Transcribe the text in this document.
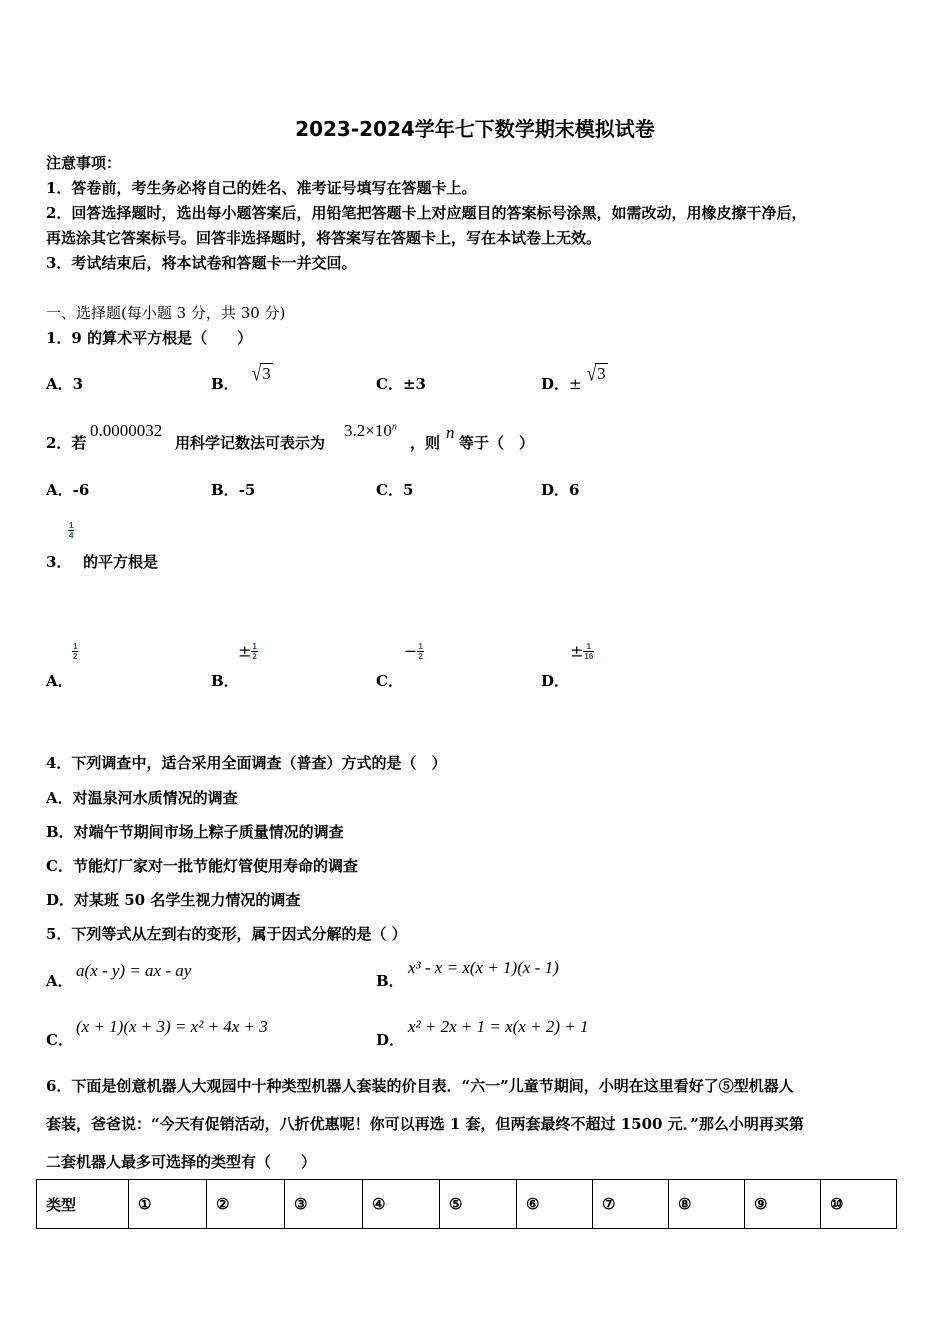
2023-2024学年七下数学期末模拟试卷
注意事项：
1．答卷前，考生务必将自己的姓名、准考证号填写在答题卡上。
2．回答选择题时，选出每小题答案后，用铅笔把答题卡上对应题目的答案标号涂黑，如需改动，用橡皮擦干净后，
再选涂其它答案标号。回答非选择题时，将答案写在答题卡上，写在本试卷上无效。
3．考试结束后，将本试卷和答题卡一并交回。
一、选择题(每小题 3 分，共 30 分)
1．9 的算术平方根是（　　）
A．3	B． √3
C．±3	D．± √3
2．若
0.0000032
用科学记数法可表示为
$3.2\times 10^n$
，则
n
等于（　）
A．-6	B．-5	C．5	D．6
3．
$\frac{1}{4}$
的平方根是
A．
$\frac{1}{2}$
B．
± $\frac{1}{2}$
C．
− $\frac{1}{2}$
D．
± $\frac{1}{16}$
4．下列调查中，适合采用全面调查（普查）方式的是（　）
A．对温泉河水质情况的调查
B．对端午节期间市场上粽子质量情况的调查
C．节能灯厂家对一批节能灯管使用寿命的调查
D．对某班 50 名学生视力情况的调查
5．下列等式从左到右的变形，属于因式分解的是（ ）
A．
a(x - y) = ax - ay
B．
x³ - x = x(x + 1)(x - 1)
C．
(x + 1)(x + 3) = x² + 4x + 3
D．
x² + 2x + 1 = x(x + 2) + 1
6．下面是创意机器人大观园中十种类型机器人套装的价目表．“六一”儿童节期间，小明在这里看好了⑤型机器人
套装，爸爸说：“今天有促销活动，八折优惠呢！你可以再选 1 套，但两套最终不超过 1500 元．”那么小明再买第
二套机器人最多可选择的类型有（　　）
类型	①	②	③	④	⑤	⑥	⑦	⑧	⑨	⑩
